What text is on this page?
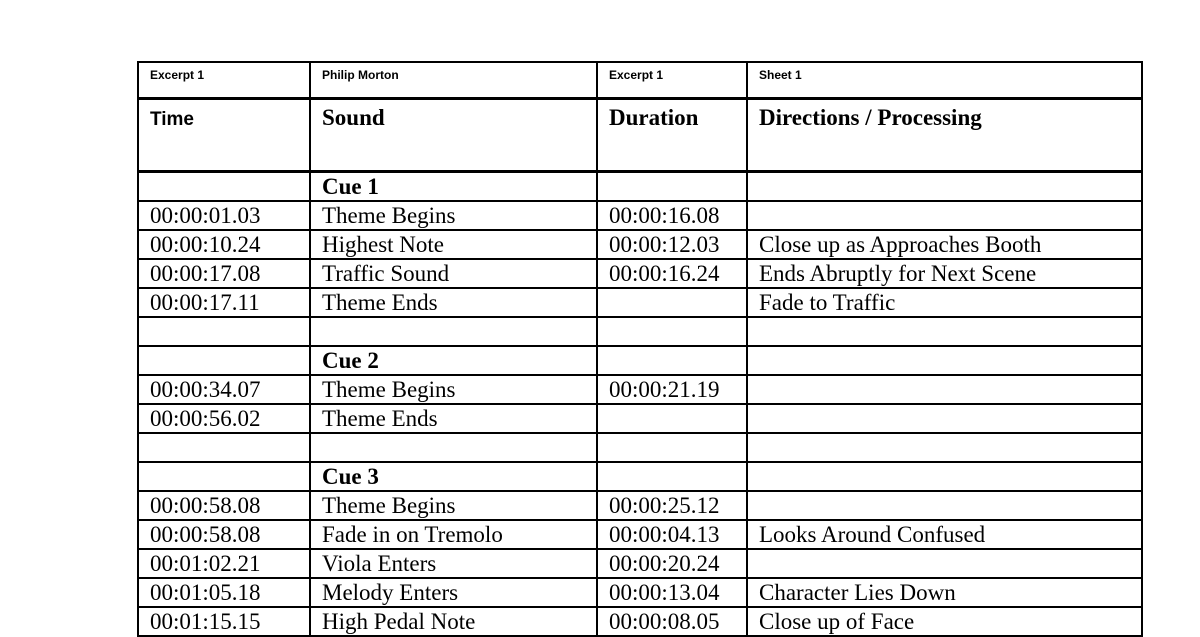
Excerpt 1	Philip Morton	Excerpt 1	Sheet 1
Time	Sound	Duration	Directions / Processing
	Cue 1		
00:00:01.03	Theme Begins	00:00:16.08	
00:00:10.24	Highest Note	00:00:12.03	Close up as Approaches Booth
00:00:17.08	Traffic Sound	00:00:16.24	Ends Abruptly for Next Scene
00:00:17.11	Theme Ends		Fade to Traffic

	Cue 2		
00:00:34.07	Theme Begins	00:00:21.19	
00:00:56.02	Theme Ends		

	Cue 3		
00:00:58.08	Theme Begins	00:00:25.12	
00:00:58.08	Fade in on Tremolo	00:00:04.13	Looks Around Confused
00:01:02.21	Viola Enters	00:00:20.24	
00:01:05.18	Melody Enters	00:00:13.04	Character Lies Down
00:01:15.15	High Pedal Note	00:00:08.05	Close up of Face
